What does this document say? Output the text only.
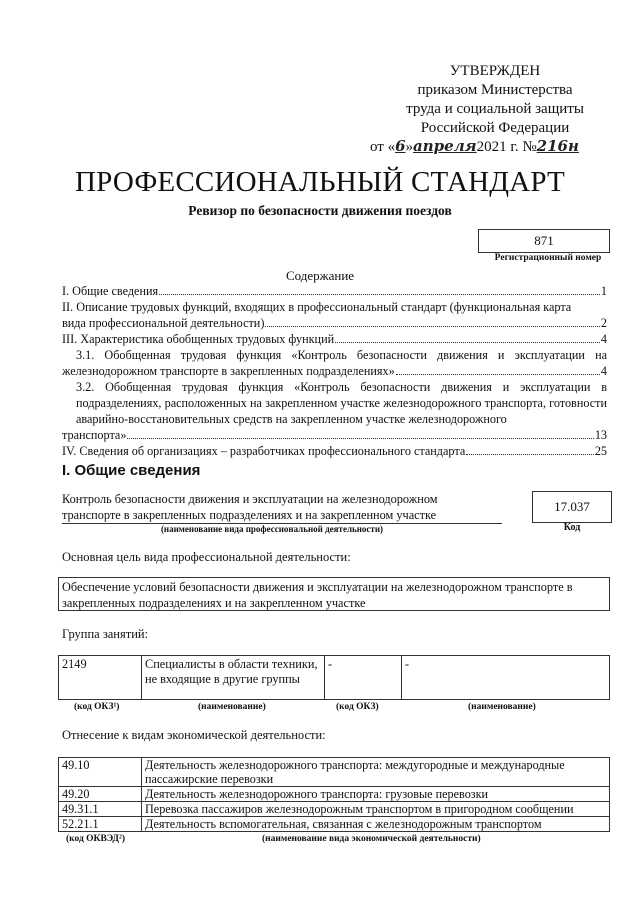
УТВЕРЖДЕН
приказом Министерства
труда и социальной защиты
Российской Федерации
от «6»апреля2021 г. №216н
ПРОФЕССИОНАЛЬНЫЙ СТАНДАРТ
Ревизор по безопасности движения поездов
871
Регистрационный номер
Содержание
I. Общие сведения	1
II. Описание трудовых функций, входящих в профессиональный стандарт (функциональная карта
вида профессиональной деятельности)	2
III. Характеристика обобщенных трудовых функций	4
3.1. Обобщенная трудовая функция «Контроль безопасности движения и эксплуатации на
железнодорожном транспорте в закрепленных подразделениях»	4
3.2. Обобщенная трудовая функция «Контроль безопасности движения и эксплуатации в подразделениях, расположенных на закрепленном участке железнодорожного транспорта, готовности аварийно-восстановительных средств на закрепленном участке железнодорожного
транспорта»	13
IV. Сведения об организациях – разработчиках профессионального стандарта	25
I. Общие сведения
Контроль безопасности движения и эксплуатации на железнодорожном транспорте в закрепленных подразделениях и на закрепленном участке
(наименование вида профессиональной деятельности)
17.037
Код
Основная цель вида профессиональной деятельности:
Обеспечение условий безопасности движения и эксплуатации на железнодорожном транспорте в закрепленных подразделениях и на закрепленном участке
Группа занятий:
2149	Специалисты в области техники, не входящие в другие группы	-	-
(код ОКЗ¹)	(наименование)	(код ОКЗ)	(наименование)
Отнесение к видам экономической деятельности:
49.10	Деятельность железнодорожного транспорта: междугородные и международные пассажирские перевозки
49.20	Деятельность железнодорожного транспорта: грузовые перевозки
49.31.1	Перевозка пассажиров железнодорожным транспортом в пригородном сообщении
52.21.1	Деятельность вспомогательная, связанная с железнодорожным транспортом
(код ОКВЭД²)	(наименование вида экономической деятельности)
